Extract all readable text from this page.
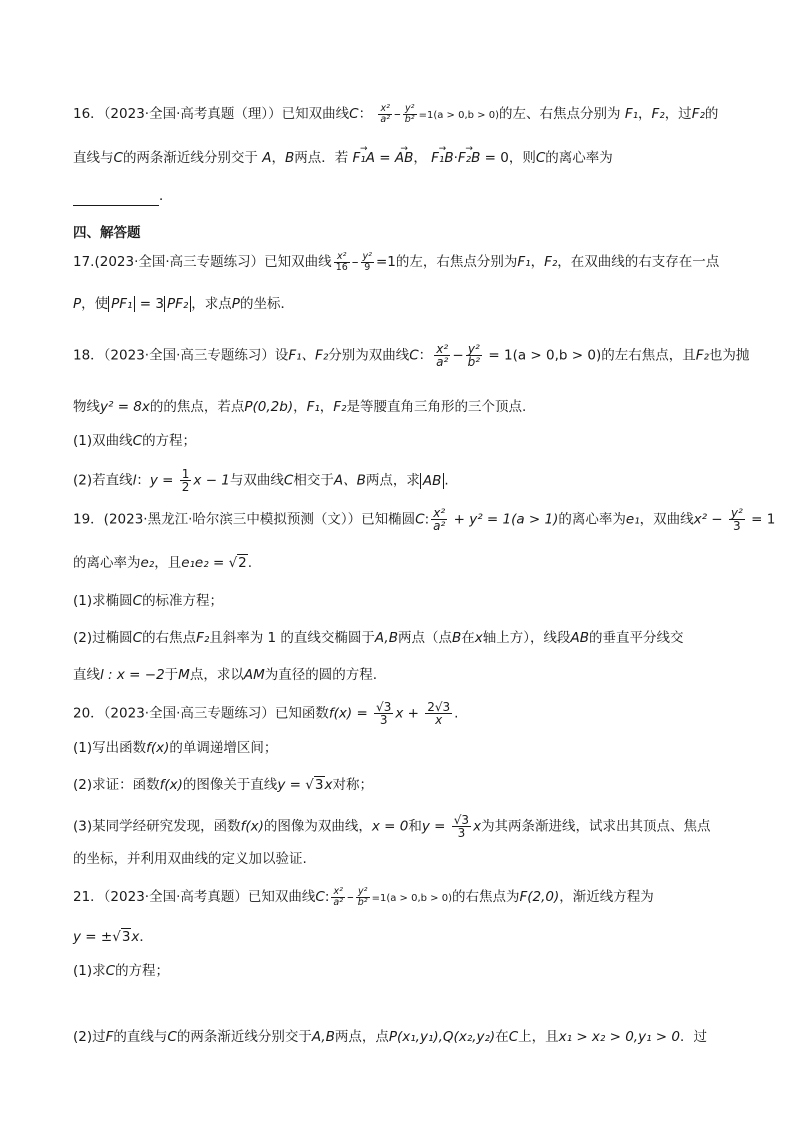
16．（2023·全国·高考真题（理））已知双曲线C： $\frac{\text{x²}}{\text{a²}} - \frac{\text{y²}}{\text{b²}} =1(a > 0,b > 0)$的左、右焦点分别为 F₁，F₂，过F₂的
直线与C的两条渐近线分别交于 A，B两点．若 → F₁A = → AB， → F₁B·→ F₂B = 0，则C的离心率为
．
四、解答题
17.(2023·全国·高三专题练习）已知双曲线 $\frac{\text{x²}}{16} - \frac{\text{y²}}{9} =1$的左，右焦点分别为F₁，F₂，在双曲线的右支存在一点
P，使 PF₁ = 3 PF₂ ，求点P的坐标．
18．（2023·全国·高三专题练习）设F₁、F₂分别为双曲线C： $\frac{\text{x²}}{\text{a²}} - \frac{\text{y²}}{\text{b²}} = 1(a > 0,b > 0)$的左右焦点，且F₂也为抛
物线y² = 8x的的焦点，若点P(0,2b)，F₁，F₂是等腰直角三角形的三个顶点.
(1)双曲线C的方程；
(2)若直线l：$y = \frac{1}{2}$ x − 1与双曲线C相交于A、B两点，求 AB .
19．(2023·黑龙江·哈尔滨三中模拟预测（文））已知椭圆C: $\frac{\text{x²}}{\text{a²}} + y^2 = 1(a > 1)$的离心率为e₁，双曲线$x^2 - \frac{\text{y²}}{3} = 1$
的离心率为e₂，且e₁e₂ = √2.
(1)求椭圆C的标准方程；
(2)过椭圆C的右焦点F₂且斜率为 1 的直线交椭圆于A,B两点（点B在x轴上方），线段AB的垂直平分线交
直线l : x = −2于M点，求以AM为直径的圆的方程.
20．（2023·全国·高三专题练习）已知函数$f(x) = \frac{√3}{3}$ $x + \frac{2√3}{x}$ .
(1)写出函数f(x)的单调递增区间；
(2)求证：函数f(x)的图像关于直线y = √3x对称；
(3)某同学经研究发现，函数f(x)的图像为双曲线，x = 0和$y = \frac{√3}{3}$ x为其两条渐进线，试求出其顶点、焦点
的坐标，并利用双曲线的定义加以验证.
21．（2023·全国·高考真题）已知双曲线C: $\frac{\text{x²}}{\text{a²}} - \frac{\text{y²}}{\text{b²}} =1(a > 0,b > 0)$的右焦点为F(2,0)，渐近线方程为
y = ±√3x．
(1)求C的方程；
(2)过F的直线与C的两条渐近线分别交于A,B两点，点P(x₁,y₁),Q(x₂,y₂)在C上，且x₁ > x₂ > 0,y₁ > 0．过
